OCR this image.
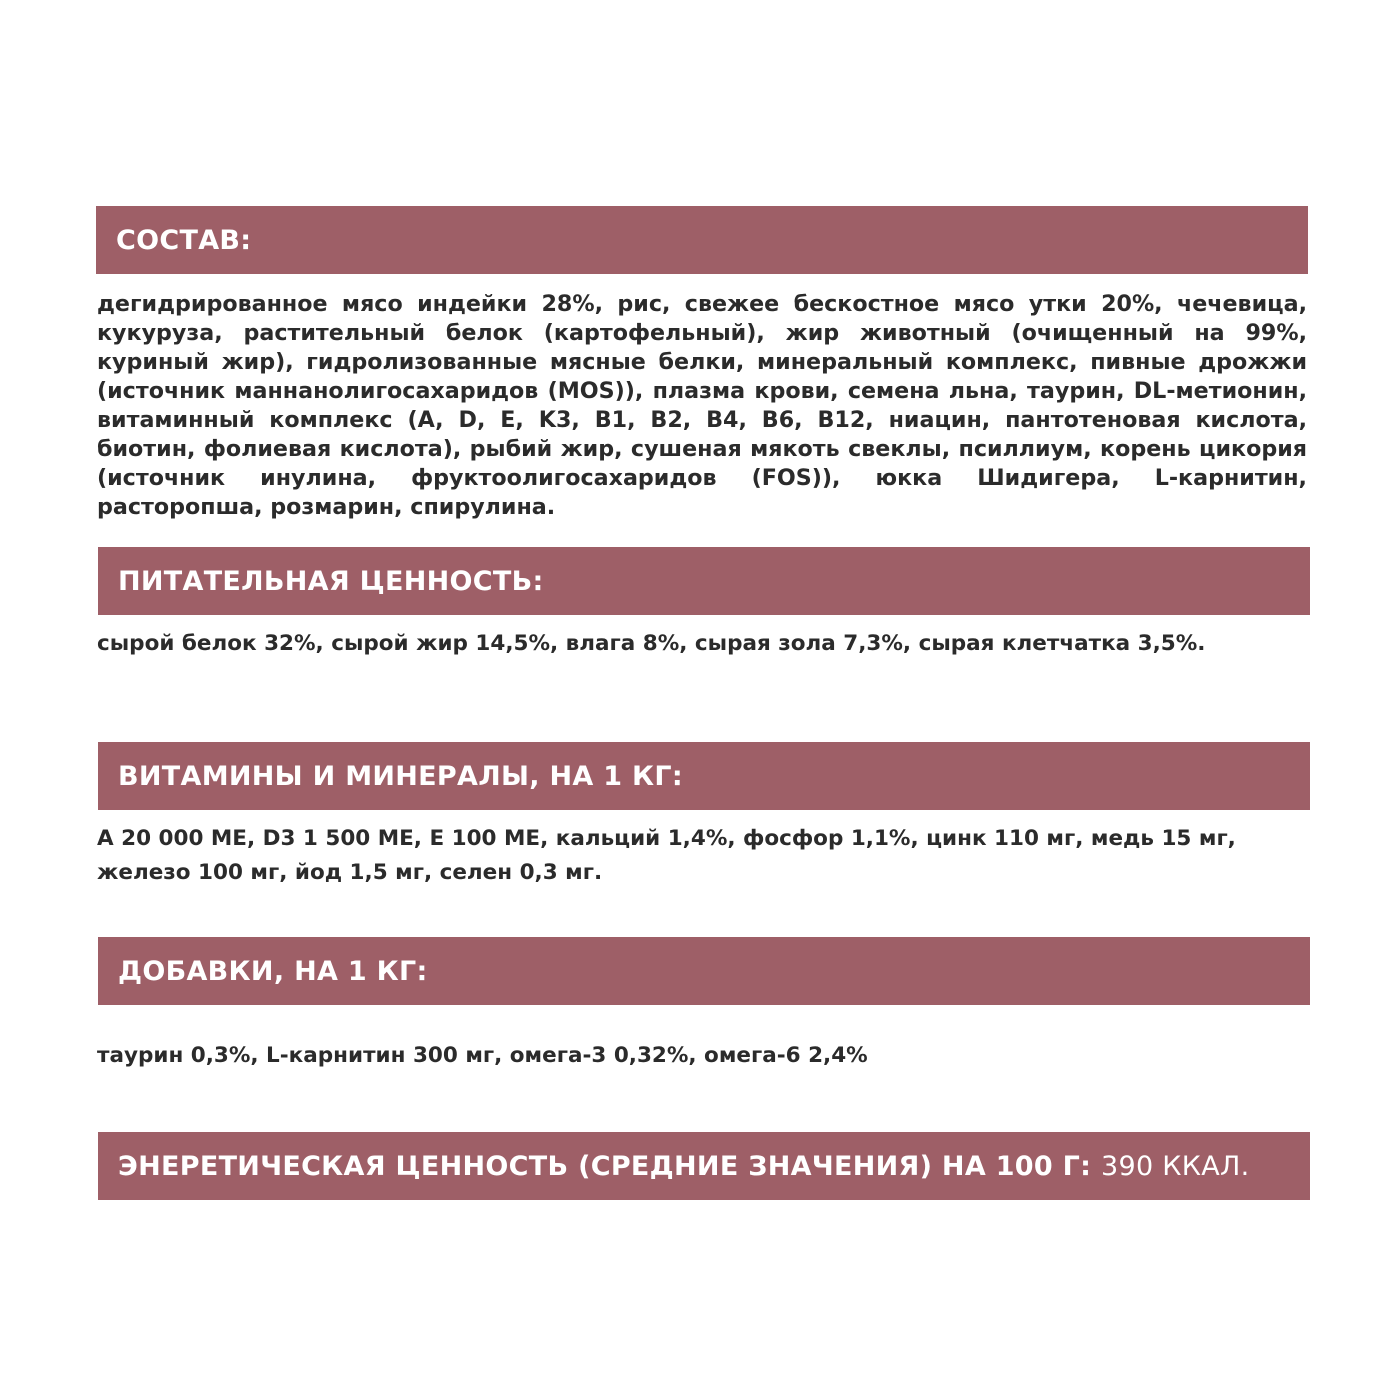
СОСТАВ:
дегидрированное мясо индейки 28%, рис, свежее бескостное мясо утки 20%, чечевица, кукуруза, растительный белок (картофельный), жир животный (очищенный на 99%, куриный жир), гидролизованные мясные белки, минеральный комплекс, пивные дрожжи (источник маннанолигосахаридов (MOS)), плазма крови, семена льна, таурин, DL-метионин, витаминный комплекс (A, D, E, K3, B1, B2, B4, B6, B12, ниацин, пантотеновая кислота, биотин, фолиевая кислота), рыбий жир, сушеная мякоть свеклы, псиллиум, корень цикория (источник инулина, фруктоолигосахаридов (FOS)), юкка Шидигера, L-карнитин, расторопша, розмарин, спирулина.
ПИТАТЕЛЬНАЯ ЦЕННОСТЬ:
сырой белок 32%, сырой жир 14,5%, влага 8%, сырая зола 7,3%, сырая клетчатка 3,5%.
ВИТАМИНЫ И МИНЕРАЛЫ, НА 1 КГ:
A 20 000 МЕ, D3 1 500 МЕ, E 100 МЕ, кальций 1,4%, фосфор 1,1%, цинк 110 мг, медь 15 мг, железо 100 мг, йод 1,5 мг, селен 0,3 мг.
ДОБАВКИ, НА 1 КГ:
таурин 0,3%, L-карнитин 300 мг, омега-3 0,32%, омега-6 2,4%
ЭНЕРЕТИЧЕСКАЯ ЦЕННОСТЬ (СРЕДНИЕ ЗНАЧЕНИЯ) НА 100 Г:
390 ККАЛ.
